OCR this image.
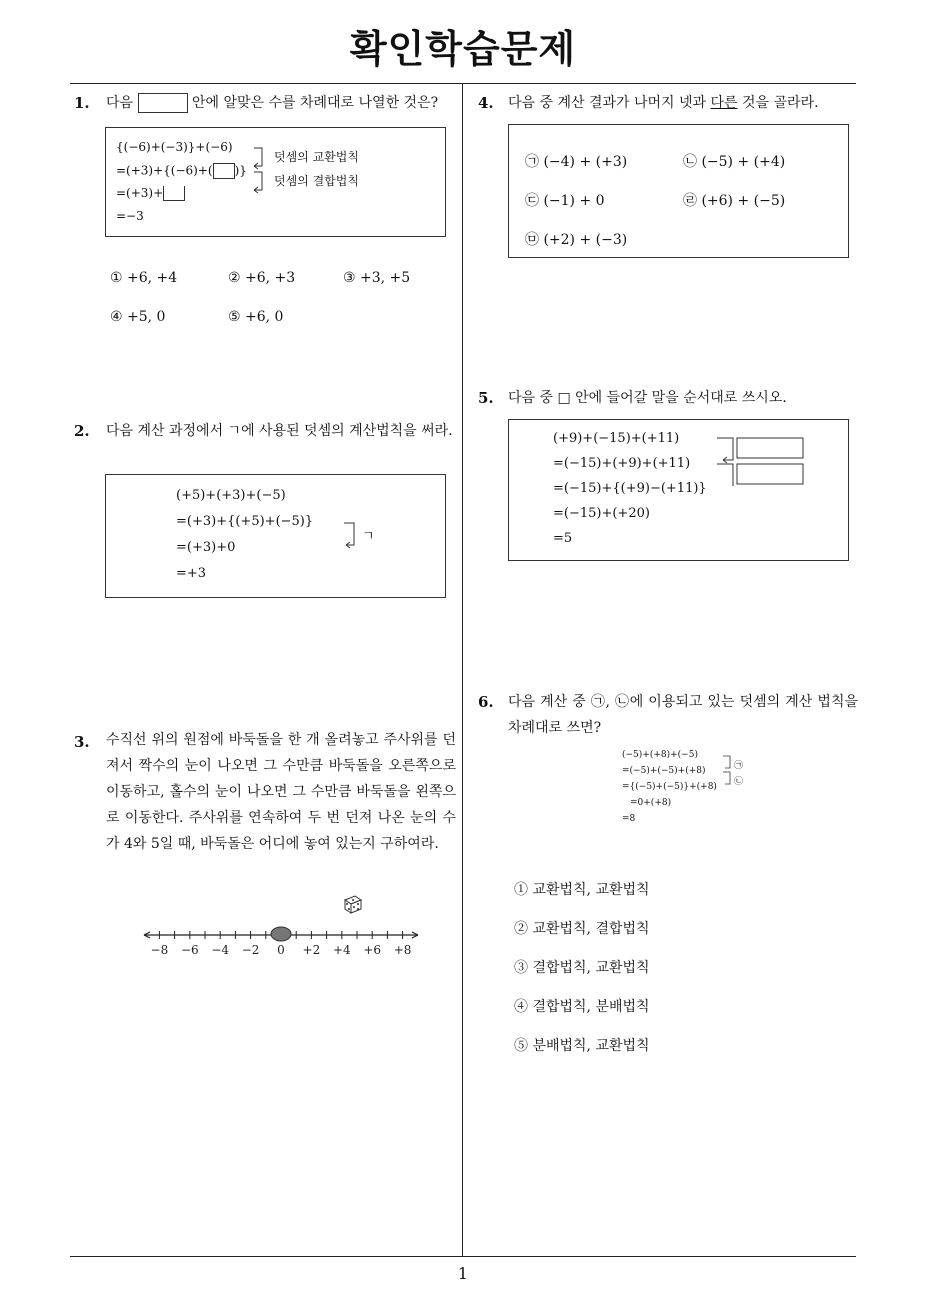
확인학습문제
1. 다음	안에 알맞은 수를 차례대로 나열한 것은?
{(−6)+(−3)}+(−6)
=(+3)+{(−6)+( )}
=(+3)+
=−3
덧셈의 교환법칙
덧셈의 결합법칙
① +6, +4	② +6, +3	③ +3, +5
④ +5, 0	⑤ +6, 0
2. 다음 계산 과정에서 ㄱ에 사용된 덧셈의 계산법칙을 써라.
(+5)+(+3)+(−5)
=(+3)+{(+5)+(−5)}
=(+3)+0
=+3
ㄱ
3. 수직선 위의 원점에 바둑돌을 한 개 올려놓고 주사위를 던져서 짝수의 눈이 나오면 그 수만큼 바둑돌을 오른쪽으로 이동하고, 홀수의 눈이 나오면 그 수만큼 바둑돌을 왼쪽으로 이동한다. 주사위를 연속하여 두 번 던져 나온 눈의 수가 4와 5일 때, 바둑돌은 어디에 놓여 있는지 구하여라.
−8 −6 −4 −2 0 +2 +4 +6 +8
4. 다음 중 계산 결과가 나머지 넷과 다른 것을 골라라.
㉠ (−4) + (+3)	㉡ (−5) + (+4)
㉢ (−1) + 0	㉣ (+6) + (−5)
㉤ (+2) + (−3)
5. 다음 중 □ 안에 들어갈 말을 순서대로 쓰시오.
(+9)+(−15)+(+11)
=(−15)+(+9)+(+11)
=(−15)+{(+9)−(+11)}
=(−15)+(+20)
=5
6. 다음 계산 중 ㉠, ㉡에 이용되고 있는 덧셈의 계산 법칙을 차례대로 쓰면?
(−5)+(+8)+(−5)
=(−5)+(−5)+(+8)
={(−5)+(−5)}+(+8)
=0+(+8)
=8
㉠
㉡
① 교환법칙, 교환법칙
② 교환법칙, 결합법칙
③ 결합법칙, 교환법칙
④ 결합법칙, 분배법칙
⑤ 분배법칙, 교환법칙
1
